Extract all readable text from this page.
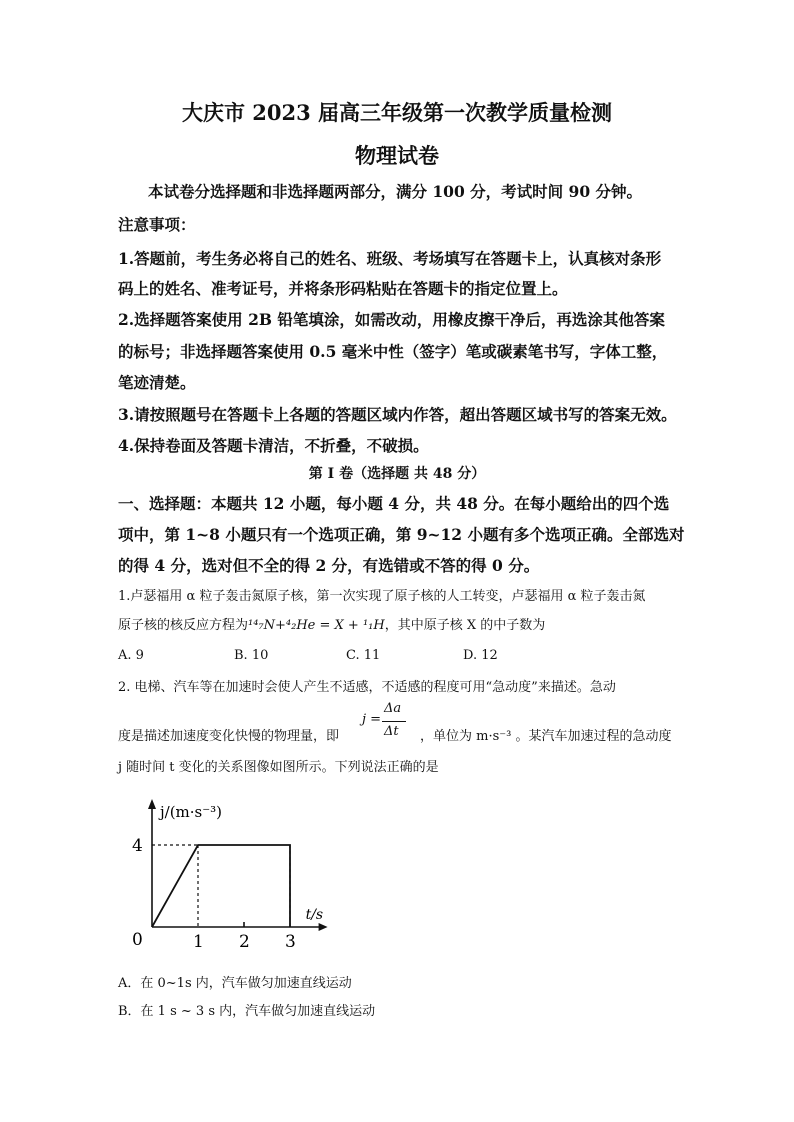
大庆市 2023 届高三年级第一次教学质量检测
物理试卷
本试卷分选择题和非选择题两部分，满分 100 分，考试时间 90 分钟。
注意事项：
1.答题前，考生务必将自己的姓名、班级、考场填写在答题卡上，认真核对条形
码上的姓名、准考证号，并将条形码粘贴在答题卡的指定位置上。
2.选择题答案使用 2B 铅笔填涂，如需改动，用橡皮擦干净后，再选涂其他答案
的标号；非选择题答案使用 0.5 毫米中性（签字）笔或碳素笔书写，字体工整，
笔迹清楚。
3.请按照题号在答题卡上各题的答题区域内作答，超出答题区域书写的答案无效。
4.保持卷面及答题卡清洁，不折叠，不破损。
第 I 卷（选择题 共 48 分）
一、选择题：本题共 12 小题，每小题 4 分，共 48 分。在每小题给出的四个选
项中，第 1~8 小题只有一个选项正确，第 9~12 小题有多个选项正确。全部选对
的得 4 分，选对但不全的得 2 分，有选错或不答的得 0 分。
1.卢瑟福用 α 粒子轰击氮原子核，第一次实现了原子核的人工转变，卢瑟福用 α 粒子轰击氮
原子核的核反应方程为¹⁴₇N+⁴₂He = X + ¹₁H，其中原子核 X 的中子数为
A. 9	B. 10	C. 11	D. 12
2. 电梯、汽车等在加速时会使人产生不适感，不适感的程度可用“急动度”来描述。急动
度是描述加速度变化快慢的物理量，即
j =
Δa
Δt ，单位为 m·s⁻³ 。某汽车加速过程的急动度
j 随时间 t 变化的关系图像如图所示。下列说法正确的是
0	1 2 3
4
t/s
j/(m·s⁻³)
A．在 0~1s 内，汽车做匀加速直线运动
B．在 1 s ~ 3 s 内，汽车做匀加速直线运动
